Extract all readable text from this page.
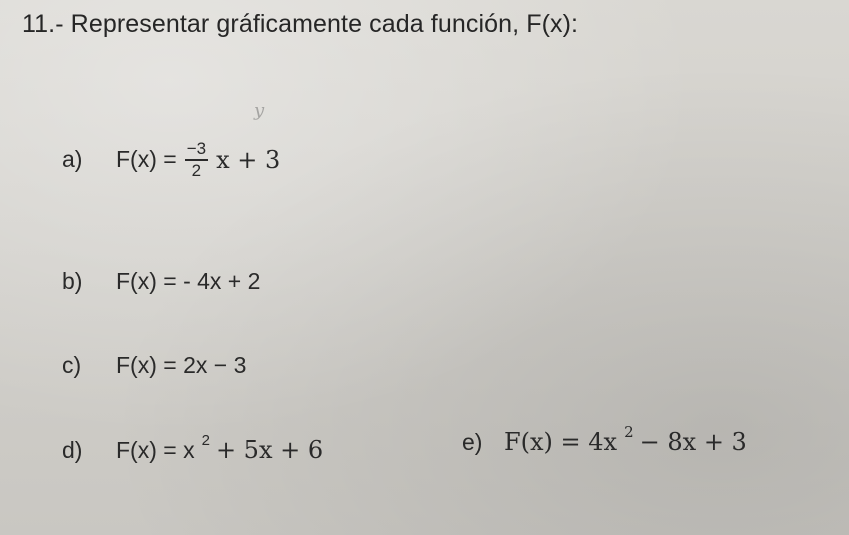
11.- Representar gráficamente cada función, F(x):
y
a)	$F(x) = \frac{-3}{2}$ x + 3
b)	F(x) = - 4x + 2
c)	F(x) = 2x − 3
d)	F(x) = x 2 + 5x + 6	e) F(x) = 4x 2 − 8x + 3
